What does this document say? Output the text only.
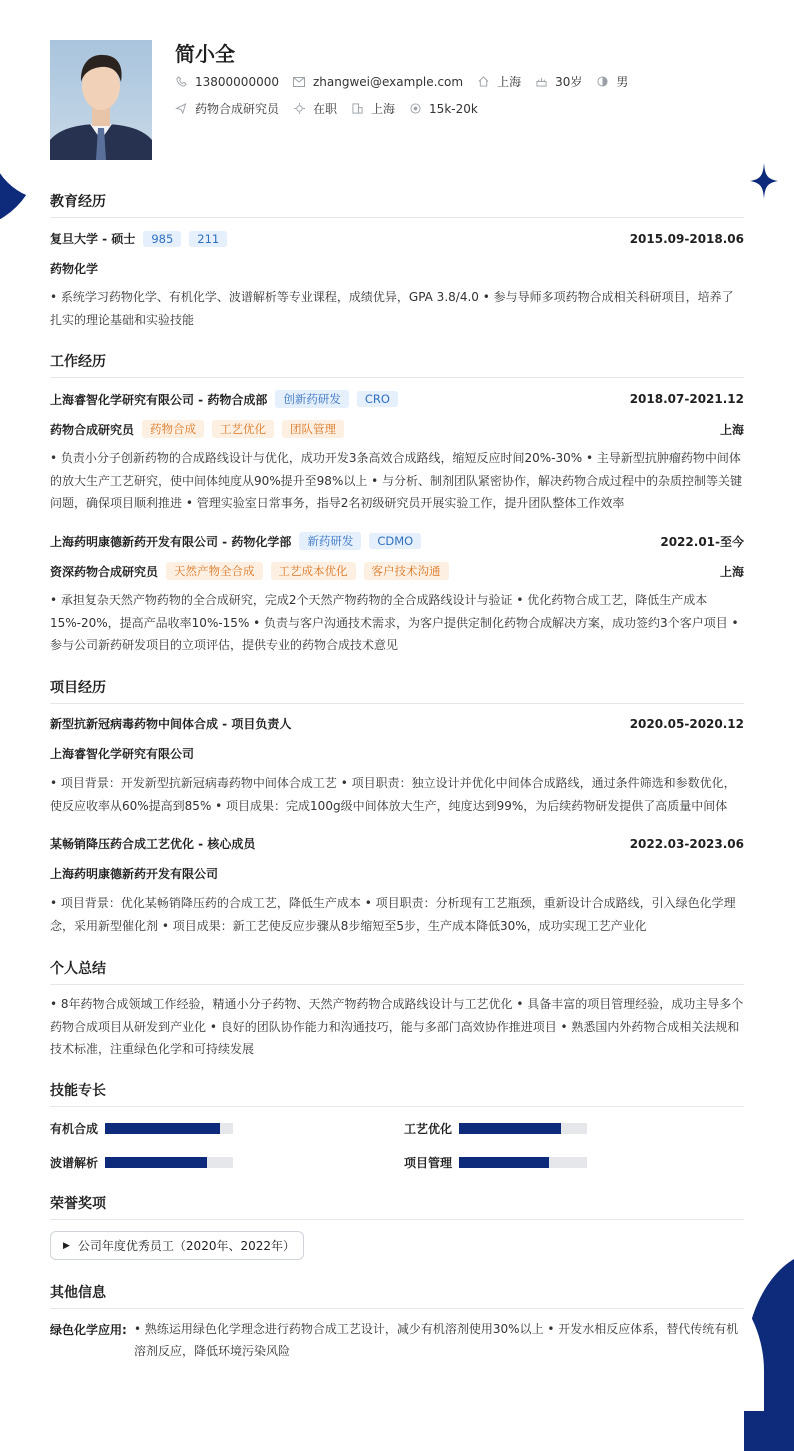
简小全
13800000000	zhangwei@example.com	上海	30岁	男
药物合成研究员	在职	上海	15k-20k
教育经历
复旦大学 - 硕士	985	211	2015.09-2018.06
药物化学
• 系统学习药物化学、有机化学、波谱解析等专业课程，成绩优异，GPA 3.8/4.0 • 参与导师多项药物合成相关科研项目，培养了扎实的理论基础和实验技能
工作经历
上海睿智化学研究有限公司 - 药物合成部	创新药研发	CRO	2018.07-2021.12
药物合成研究员	药物合成	工艺优化	团队管理	上海
• 负责小分子创新药物的合成路线设计与优化，成功开发3条高效合成路线，缩短反应时间20%-30% • 主导新型抗肿瘤药物中间体的放大生产工艺研究，使中间体纯度从90%提升至98%以上 • 与分析、制剂团队紧密协作，解决药物合成过程中的杂质控制等关键问题，确保项目顺利推进 • 管理实验室日常事务，指导2名初级研究员开展实验工作，提升团队整体工作效率
上海药明康德新药开发有限公司 - 药物化学部	新药研发	CDMO	2022.01-至今
资深药物合成研究员	天然产物全合成	工艺成本优化	客户技术沟通	上海
• 承担复杂天然产物药物的全合成研究，完成2个天然产物药物的全合成路线设计与验证 • 优化药物合成工艺，降低生产成本15%-20%，提高产品收率10%-15% • 负责与客户沟通技术需求，为客户提供定制化药物合成解决方案，成功签约3个客户项目 • 参与公司新药研发项目的立项评估，提供专业的药物合成技术意见
项目经历
新型抗新冠病毒药物中间体合成 - 项目负责人	2020.05-2020.12
上海睿智化学研究有限公司
• 项目背景：开发新型抗新冠病毒药物中间体合成工艺 • 项目职责：独立设计并优化中间体合成路线，通过条件筛选和参数优化，使反应收率从60%提高到85% • 项目成果：完成100g级中间体放大生产，纯度达到99%，为后续药物研发提供了高质量中间体
某畅销降压药合成工艺优化 - 核心成员	2022.03-2023.06
上海药明康德新药开发有限公司
• 项目背景：优化某畅销降压药的合成工艺，降低生产成本 • 项目职责：分析现有工艺瓶颈，重新设计合成路线，引入绿色化学理念，采用新型催化剂 • 项目成果：新工艺使反应步骤从8步缩短至5步，生产成本降低30%，成功实现工艺产业化
个人总结
• 8年药物合成领域工作经验，精通小分子药物、天然产物药物合成路线设计与工艺优化 • 具备丰富的项目管理经验，成功主导多个药物合成项目从研发到产业化 • 良好的团队协作能力和沟通技巧，能与多部门高效协作推进项目 • 熟悉国内外药物合成相关法规和技术标准，注重绿色化学和可持续发展
技能专长
有机合成	工艺优化
波谱解析	项目管理
荣誉奖项
▶ 公司年度优秀员工（2020年、2022年）
其他信息
绿色化学应用: • 熟练运用绿色化学理念进行药物合成工艺设计，减少有机溶剂使用30%以上 • 开发水相反应体系，替代传统有机溶剂反应，降低环境污染风险
